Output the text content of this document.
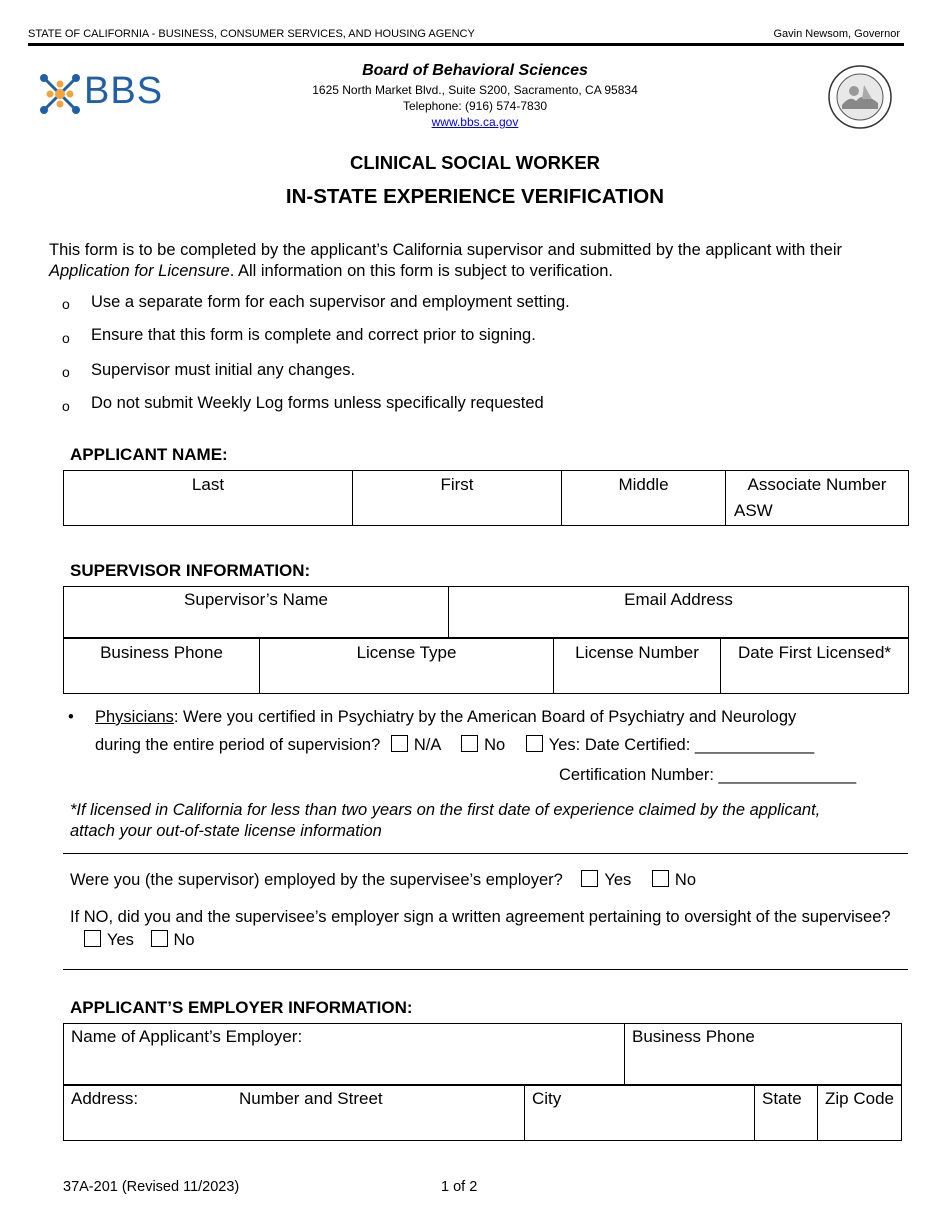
STATE OF CALIFORNIA - BUSINESS, CONSUMER SERVICES, AND HOUSING AGENCY	Gavin Newsom, Governor
BBS	Board of Behavioral Sciences
1625 North Market Blvd., Suite S200, Sacramento, CA 95834
Telephone: (916) 574-7830
www.bbs.ca.gov
CLINICAL SOCIAL WORKER
IN-STATE EXPERIENCE VERIFICATION
This form is to be completed by the applicant’s California supervisor and submitted by the applicant with their Application for Licensure. All information on this form is subject to verification.
o Use a separate form for each supervisor and employment setting.
o Ensure that this form is complete and correct prior to signing.
o Supervisor must initial any changes.
o Do not submit Weekly Log forms unless specifically requested
APPLICANT NAME:
Last	First	Middle	Associate Number
ASW
SUPERVISOR INFORMATION:
Supervisor’s Name	Email Address
Business Phone	License Type	License Number	Date First Licensed*
• Physicians: Were you certified in Psychiatry by the American Board of Psychiatry and Neurology
during the entire period of supervision? N/A	No	Yes: Date Certified: _____________
Certification Number: _______________
*If licensed in California for less than two years on the first date of experience claimed by the applicant, attach your out-of-state license information
Were you (the supervisor) employed by the supervisee’s employer?	Yes	No
If NO, did you and the supervisee’s employer sign a written agreement pertaining to oversight of the supervisee? Yes No
APPLICANT’S EMPLOYER INFORMATION:
Name of Applicant’s Employer:	Business Phone
Address:	Number and Street	City	State	Zip Code
37A-201 (Revised 11/2023)	1 of 2
